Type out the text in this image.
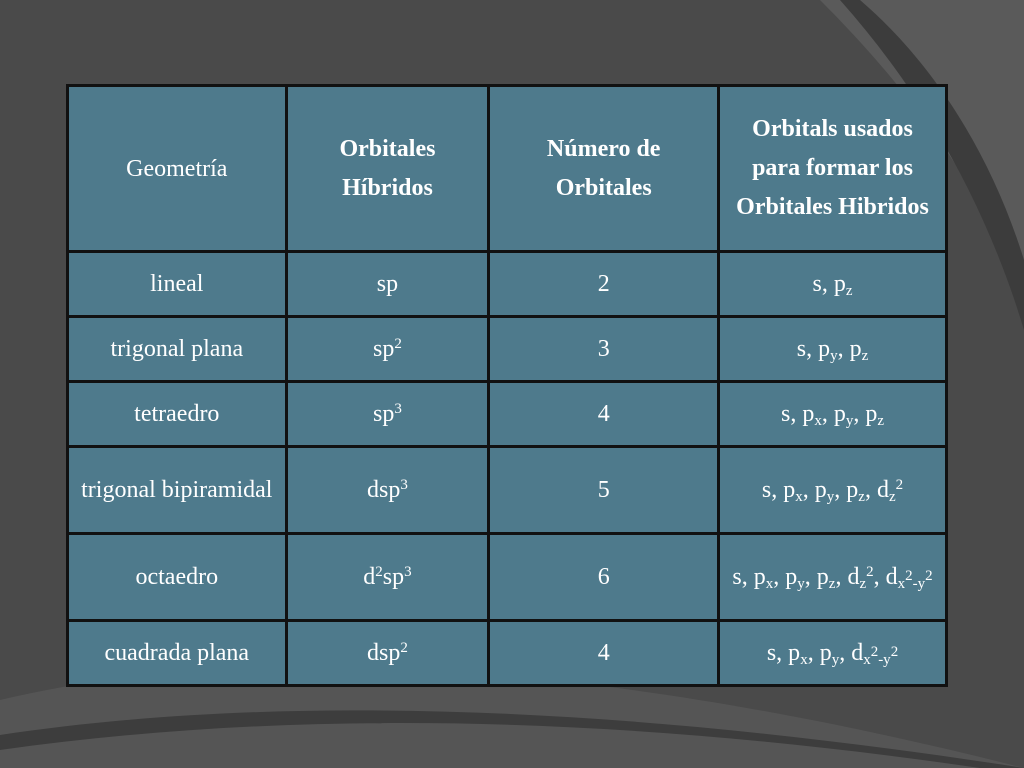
Geometría	Orbitales Híbridos	Número de Orbitales	Orbitals usados para formar los Orbitales Hibridos
lineal	sp	2	s, $p_z$
trigonal plana	$sp^2$	3	s, $p_y$, $p_z$
tetraedro	$sp^3$	4	s, $p_x$, $p_y$, $p_z$
trigonal bipiramidal	dsp$^3$	5	s, $p_x$, $p_y$, $p_z$, $d_z^2$
octaedro	$d^2sp^3$	6	s, $p_x$, $p_y$, $p_z$, $d_z^2$, $d_{x^2-y^2}$
cuadrada plana	dsp$^2$	4	s, $p_x$, $p_y$, $d_{x^2-y^2}$
